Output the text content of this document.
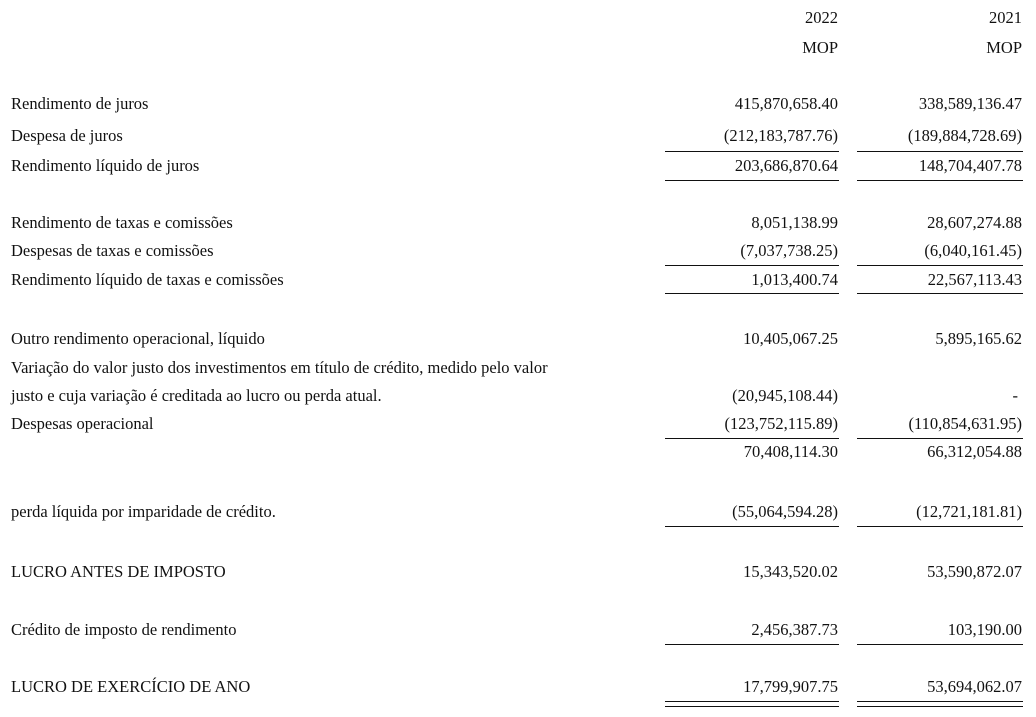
2022	2021
MOP	MOP
Rendimento de juros	415,870,658.40	338,589,136.47
Despesa de juros	(212,183,787.76)	(189,884,728.69)
Rendimento líquido de juros	203,686,870.64	148,704,407.78
Rendimento de taxas e comissões	8,051,138.99	28,607,274.88
Despesas de taxas e comissões	(7,037,738.25)	(6,040,161.45)
Rendimento líquido de taxas e comissões	1,013,400.74	22,567,113.43
Outro rendimento operacional, líquido	10,405,067.25	5,895,165.62
Variação do valor justo dos investimentos em título de crédito, medido pelo valor
justo e cuja variação é creditada ao lucro ou perda atual.	(20,945,108.44)	-
Despesas operacional	(123,752,115.89)	(110,854,631.95)
70,408,114.30	66,312,054.88
perda líquida por imparidade de crédito.	(55,064,594.28)	(12,721,181.81)
LUCRO ANTES DE IMPOSTO	15,343,520.02	53,590,872.07
Crédito de imposto de rendimento	2,456,387.73	103,190.00
LUCRO DE EXERCÍCIO DE ANO	17,799,907.75	53,694,062.07
